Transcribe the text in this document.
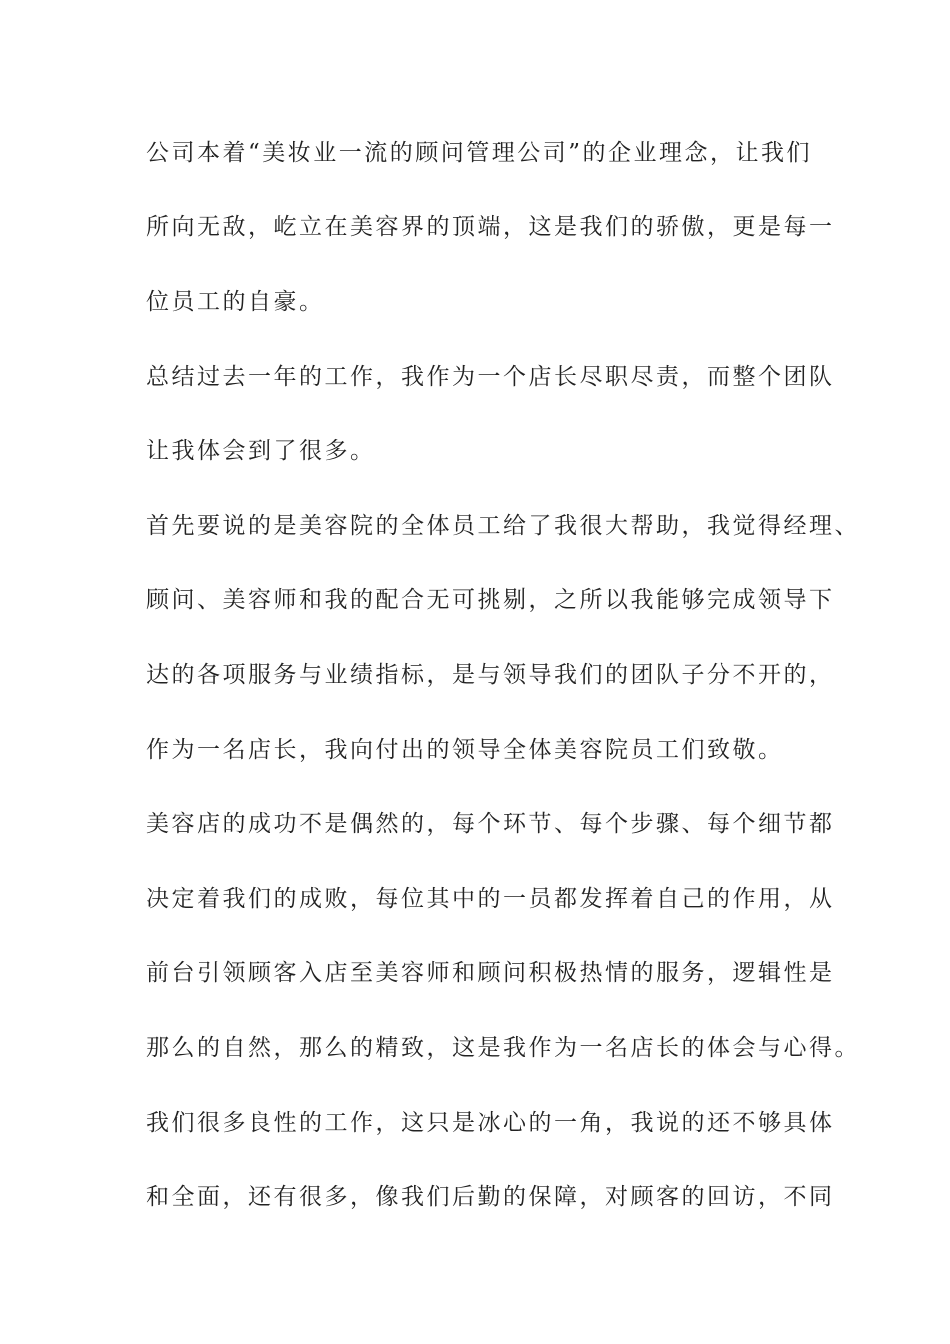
公司本着“美妆业一流的顾问管理公司”的企业理念，让我们

所向无敌，屹立在美容界的顶端，这是我们的骄傲，更是每一

位员工的自豪。

总结过去一年的工作，我作为一个店长尽职尽责，而整个团队

让我体会到了很多。

首先要说的是美容院的全体员工给了我很大帮助，我觉得经理、

顾问、美容师和我的配合无可挑剔，之所以我能够完成领导下

达的各项服务与业绩指标，是与领导我们的团队子分不开的，

作为一名店长，我向付出的领导全体美容院员工们致敬。

美容店的成功不是偶然的，每个环节、每个步骤、每个细节都

决定着我们的成败，每位其中的一员都发挥着自己的作用，从

前台引领顾客入店至美容师和顾问积极热情的服务，逻辑性是

那么的自然，那么的精致，这是我作为一名店长的体会与心得。

我们很多良性的工作，这只是冰心的一角，我说的还不够具体

和全面，还有很多，像我们后勤的保障，对顾客的回访，不同
